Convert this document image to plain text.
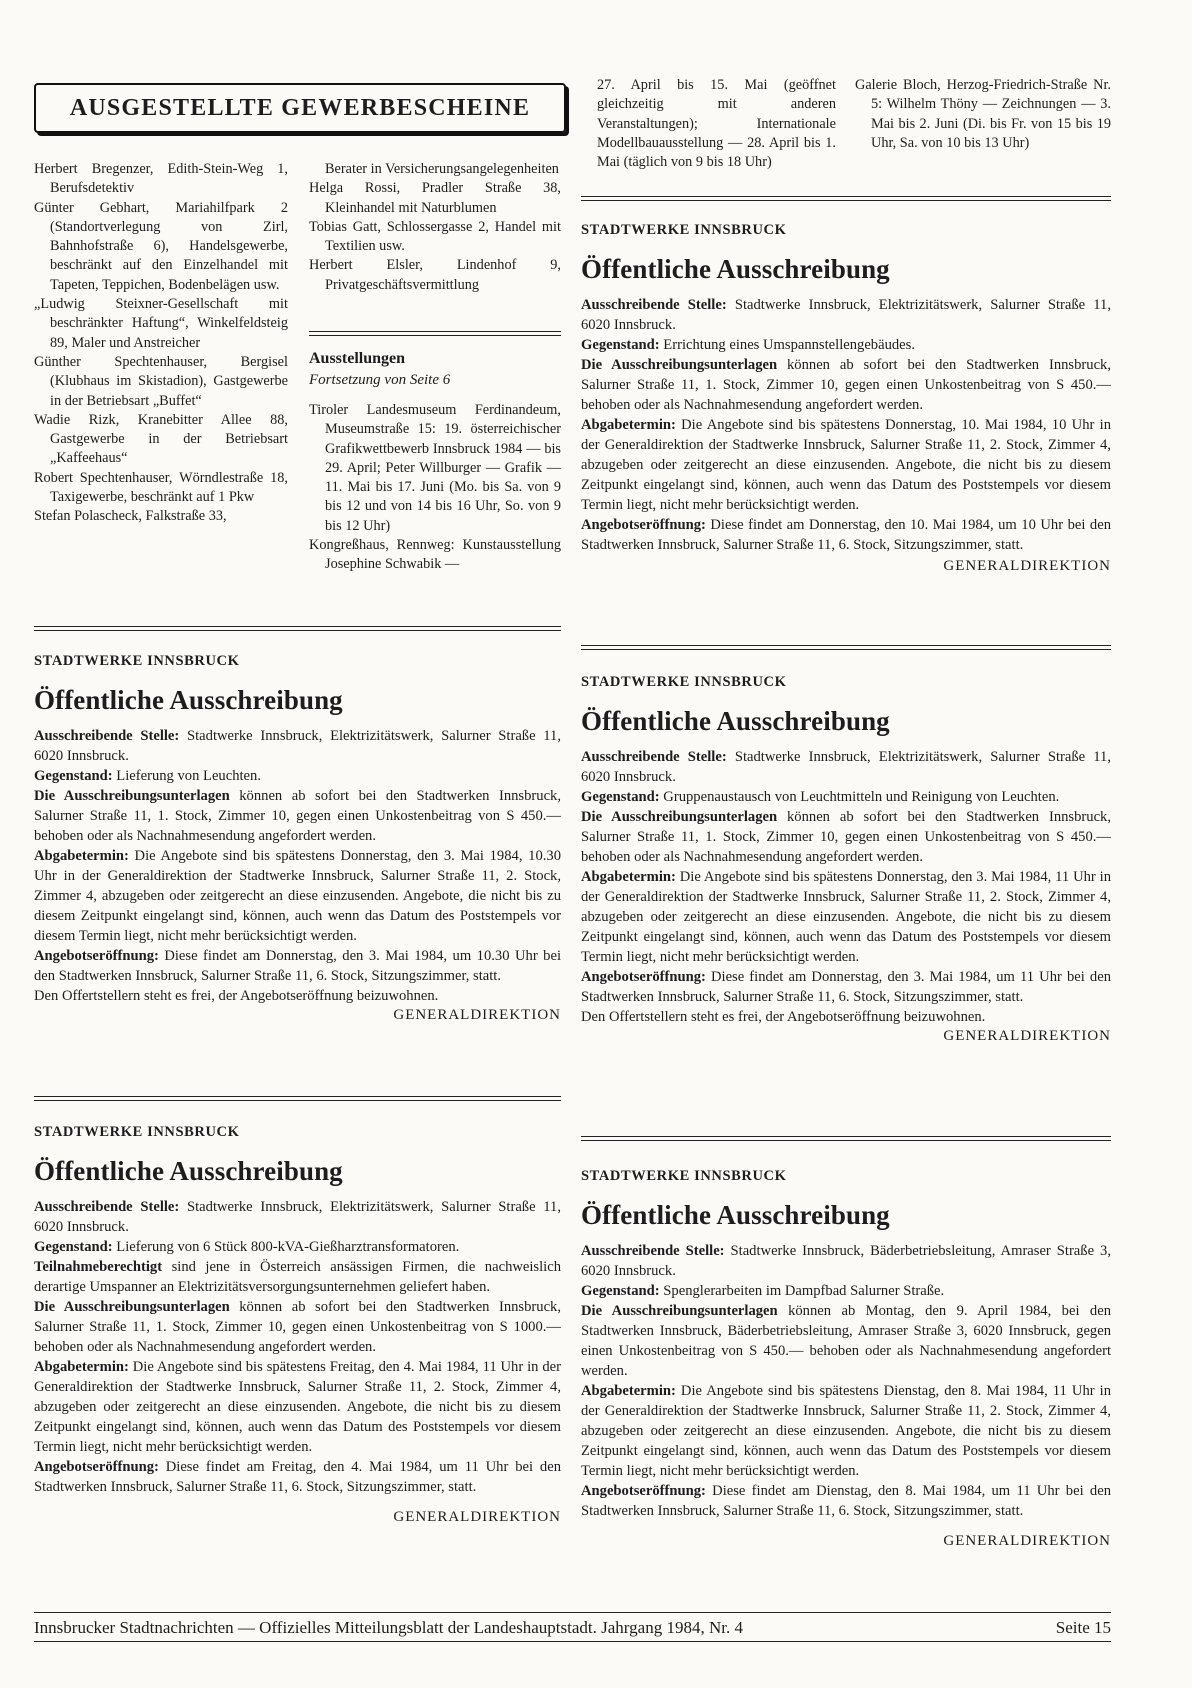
AUSGESTELLTE GEWERBESCHEINE

Herbert Bregenzer, Edith-Stein-Weg 1, Berufsdetektiv

Günter Gebhart, Mariahilfpark 2 (Standortverlegung von Zirl, Bahnhofstraße 6), Handelsgewerbe, beschränkt auf den Einzelhandel mit Tapeten, Teppichen, Bodenbelägen usw.

„Ludwig Steixner-Gesellschaft mit beschränkter Haftung“, Winkelfeldsteig 89, Maler und Anstreicher

Günther Spechtenhauser, Bergisel (Klubhaus im Skistadion), Gastgewerbe in der Betriebsart „Buffet“

Wadie Rizk, Kranebitter Allee 88, Gastgewerbe in der Betriebsart „Kaffeehaus“

Robert Spechtenhauser, Wörndlestraße 18, Taxigewerbe, beschränkt auf 1 Pkw

Stefan Polascheck, Falkstraße 33,

Berater in Versicherungsangelegenheiten

Helga Rossi, Pradler Straße 38, Kleinhandel mit Naturblumen

Tobias Gatt, Schlossergasse 2, Handel mit Textilien usw.

Herbert Elsler, Lindenhof 9, Privatgeschäftsvermittlung

Ausstellungen
Fortsetzung von Seite 6

Tiroler Landesmuseum Ferdinandeum, Museumstraße 15: 19. österreichischer Grafikwettbewerb Innsbruck 1984 — bis 29. April; Peter Willburger — Grafik — 11. Mai bis 17. Juni (Mo. bis Sa. von 9 bis 12 und von 14 bis 16 Uhr, So. von 9 bis 12 Uhr)

Kongreßhaus, Rennweg: Kunstausstellung Josephine Schwabik —

27. April bis 15. Mai (geöffnet gleichzeitig mit anderen Veranstaltungen); Internationale Modellbauausstellung — 28. April bis 1. Mai (täglich von 9 bis 18 Uhr)

Galerie Bloch, Herzog-Friedrich-Straße Nr. 5: Wilhelm Thöny — Zeichnungen — 3. Mai bis 2. Juni (Di. bis Fr. von 15 bis 19 Uhr, Sa. von 10 bis 13 Uhr)

STADTWERKE INNSBRUCK
Öffentliche Ausschreibung

Ausschreibende Stelle: Stadtwerke Innsbruck, Elektrizitätswerk, Salurner Straße 11, 6020 Innsbruck.

Gegenstand: Errichtung eines Umspannstellengebäudes.

Die Ausschreibungsunterlagen können ab sofort bei den Stadtwerken Innsbruck, Salurner Straße 11, 1. Stock, Zimmer 10, gegen einen Unkostenbeitrag von S 450.— behoben oder als Nachnahmesendung angefordert werden.

Abgabetermin: Die Angebote sind bis spätestens Donnerstag, 10. Mai 1984, 10 Uhr in der Generaldirektion der Stadtwerke Innsbruck, Salurner Straße 11, 2. Stock, Zimmer 4, abzugeben oder zeitgerecht an diese einzusenden. Angebote, die nicht bis zu diesem Zeitpunkt eingelangt sind, können, auch wenn das Datum des Poststempels vor diesem Termin liegt, nicht mehr berücksichtigt werden.

Angebotseröffnung: Diese findet am Donnerstag, den 10. Mai 1984, um 10 Uhr bei den Stadtwerken Innsbruck, Salurner Straße 11, 6. Stock, Sitzungszimmer, statt.

GENERALDIREKTION
STADTWERKE INNSBRUCK
Öffentliche Ausschreibung

Ausschreibende Stelle: Stadtwerke Innsbruck, Elektrizitätswerk, Salurner Straße 11, 6020 Innsbruck.

Gegenstand: Lieferung von Leuchten.

Die Ausschreibungsunterlagen können ab sofort bei den Stadtwerken Innsbruck, Salurner Straße 11, 1. Stock, Zimmer 10, gegen einen Unkostenbeitrag von S 450.— behoben oder als Nachnahmesendung angefordert werden.

Abgabetermin: Die Angebote sind bis spätestens Donnerstag, den 3. Mai 1984, 10.30 Uhr in der Generaldirektion der Stadtwerke Innsbruck, Salurner Straße 11, 2. Stock, Zimmer 4, abzugeben oder zeitgerecht an diese einzusenden. Angebote, die nicht bis zu diesem Zeitpunkt eingelangt sind, können, auch wenn das Datum des Poststempels vor diesem Termin liegt, nicht mehr berücksichtigt werden.

Angebotseröffnung: Diese findet am Donnerstag, den 3. Mai 1984, um 10.30 Uhr bei den Stadtwerken Innsbruck, Salurner Straße 11, 6. Stock, Sitzungszimmer, statt.

Den Offertstellern steht es frei, der Angebotseröffnung beizuwohnen.

GENERALDIREKTION
STADTWERKE INNSBRUCK
Öffentliche Ausschreibung

Ausschreibende Stelle: Stadtwerke Innsbruck, Elektrizitätswerk, Salurner Straße 11, 6020 Innsbruck.

Gegenstand: Gruppenaustausch von Leuchtmitteln und Reinigung von Leuchten.

Die Ausschreibungsunterlagen können ab sofort bei den Stadtwerken Innsbruck, Salurner Straße 11, 1. Stock, Zimmer 10, gegen einen Unkostenbeitrag von S 450.— behoben oder als Nachnahmesendung angefordert werden.

Abgabetermin: Die Angebote sind bis spätestens Donnerstag, den 3. Mai 1984, 11 Uhr in der Generaldirektion der Stadtwerke Innsbruck, Salurner Straße 11, 2. Stock, Zimmer 4, abzugeben oder zeitgerecht an diese einzusenden. Angebote, die nicht bis zu diesem Zeitpunkt eingelangt sind, können, auch wenn das Datum des Poststempels vor diesem Termin liegt, nicht mehr berücksichtigt werden.

Angebotseröffnung: Diese findet am Donnerstag, den 3. Mai 1984, um 11 Uhr bei den Stadtwerken Innsbruck, Salurner Straße 11, 6. Stock, Sitzungszimmer, statt.

Den Offertstellern steht es frei, der Angebotseröffnung beizuwohnen.

GENERALDIREKTION
STADTWERKE INNSBRUCK
Öffentliche Ausschreibung

Ausschreibende Stelle: Stadtwerke Innsbruck, Elektrizitätswerk, Salurner Straße 11, 6020 Innsbruck.

Gegenstand: Lieferung von 6 Stück 800-kVA-Gießharztransformatoren.

Teilnahmeberechtigt sind jene in Österreich ansässigen Firmen, die nachweislich derartige Umspanner an Elektrizitätsversorgungsunternehmen geliefert haben.

Die Ausschreibungsunterlagen können ab sofort bei den Stadtwerken Innsbruck, Salurner Straße 11, 1. Stock, Zimmer 10, gegen einen Unkostenbeitrag von S 1000.— behoben oder als Nachnahmesendung angefordert werden.

Abgabetermin: Die Angebote sind bis spätestens Freitag, den 4. Mai 1984, 11 Uhr in der Generaldirektion der Stadtwerke Innsbruck, Salurner Straße 11, 2. Stock, Zimmer 4, abzugeben oder zeitgerecht an diese einzusenden. Angebote, die nicht bis zu diesem Zeitpunkt eingelangt sind, können, auch wenn das Datum des Poststempels vor diesem Termin liegt, nicht mehr berücksichtigt werden.

Angebotseröffnung: Diese findet am Freitag, den 4. Mai 1984, um 11 Uhr bei den Stadtwerken Innsbruck, Salurner Straße 11, 6. Stock, Sitzungszimmer, statt.

GENERALDIREKTION
STADTWERKE INNSBRUCK
Öffentliche Ausschreibung

Ausschreibende Stelle: Stadtwerke Innsbruck, Bäderbetriebsleitung, Amraser Straße 3, 6020 Innsbruck.

Gegenstand: Spenglerarbeiten im Dampfbad Salurner Straße.

Die Ausschreibungsunterlagen können ab Montag, den 9. April 1984, bei den Stadtwerken Innsbruck, Bäderbetriebsleitung, Amraser Straße 3, 6020 Innsbruck, gegen einen Unkostenbeitrag von S 450.— behoben oder als Nachnahmesendung angefordert werden.

Abgabetermin: Die Angebote sind bis spätestens Dienstag, den 8. Mai 1984, 11 Uhr in der Generaldirektion der Stadtwerke Innsbruck, Salurner Straße 11, 2. Stock, Zimmer 4, abzugeben oder zeitgerecht an diese einzusenden. Angebote, die nicht bis zu diesem Zeitpunkt eingelangt sind, können, auch wenn das Datum des Poststempels vor diesem Termin liegt, nicht mehr berücksichtigt werden.

Angebotseröffnung: Diese findet am Dienstag, den 8. Mai 1984, um 11 Uhr bei den Stadtwerken Innsbruck, Salurner Straße 11, 6. Stock, Sitzungszimmer, statt.

GENERALDIREKTION
Innsbrucker Stadtnachrichten — Offizielles Mitteilungsblatt der Landeshauptstadt. Jahrgang 1984, Nr. 4	Seite 15
